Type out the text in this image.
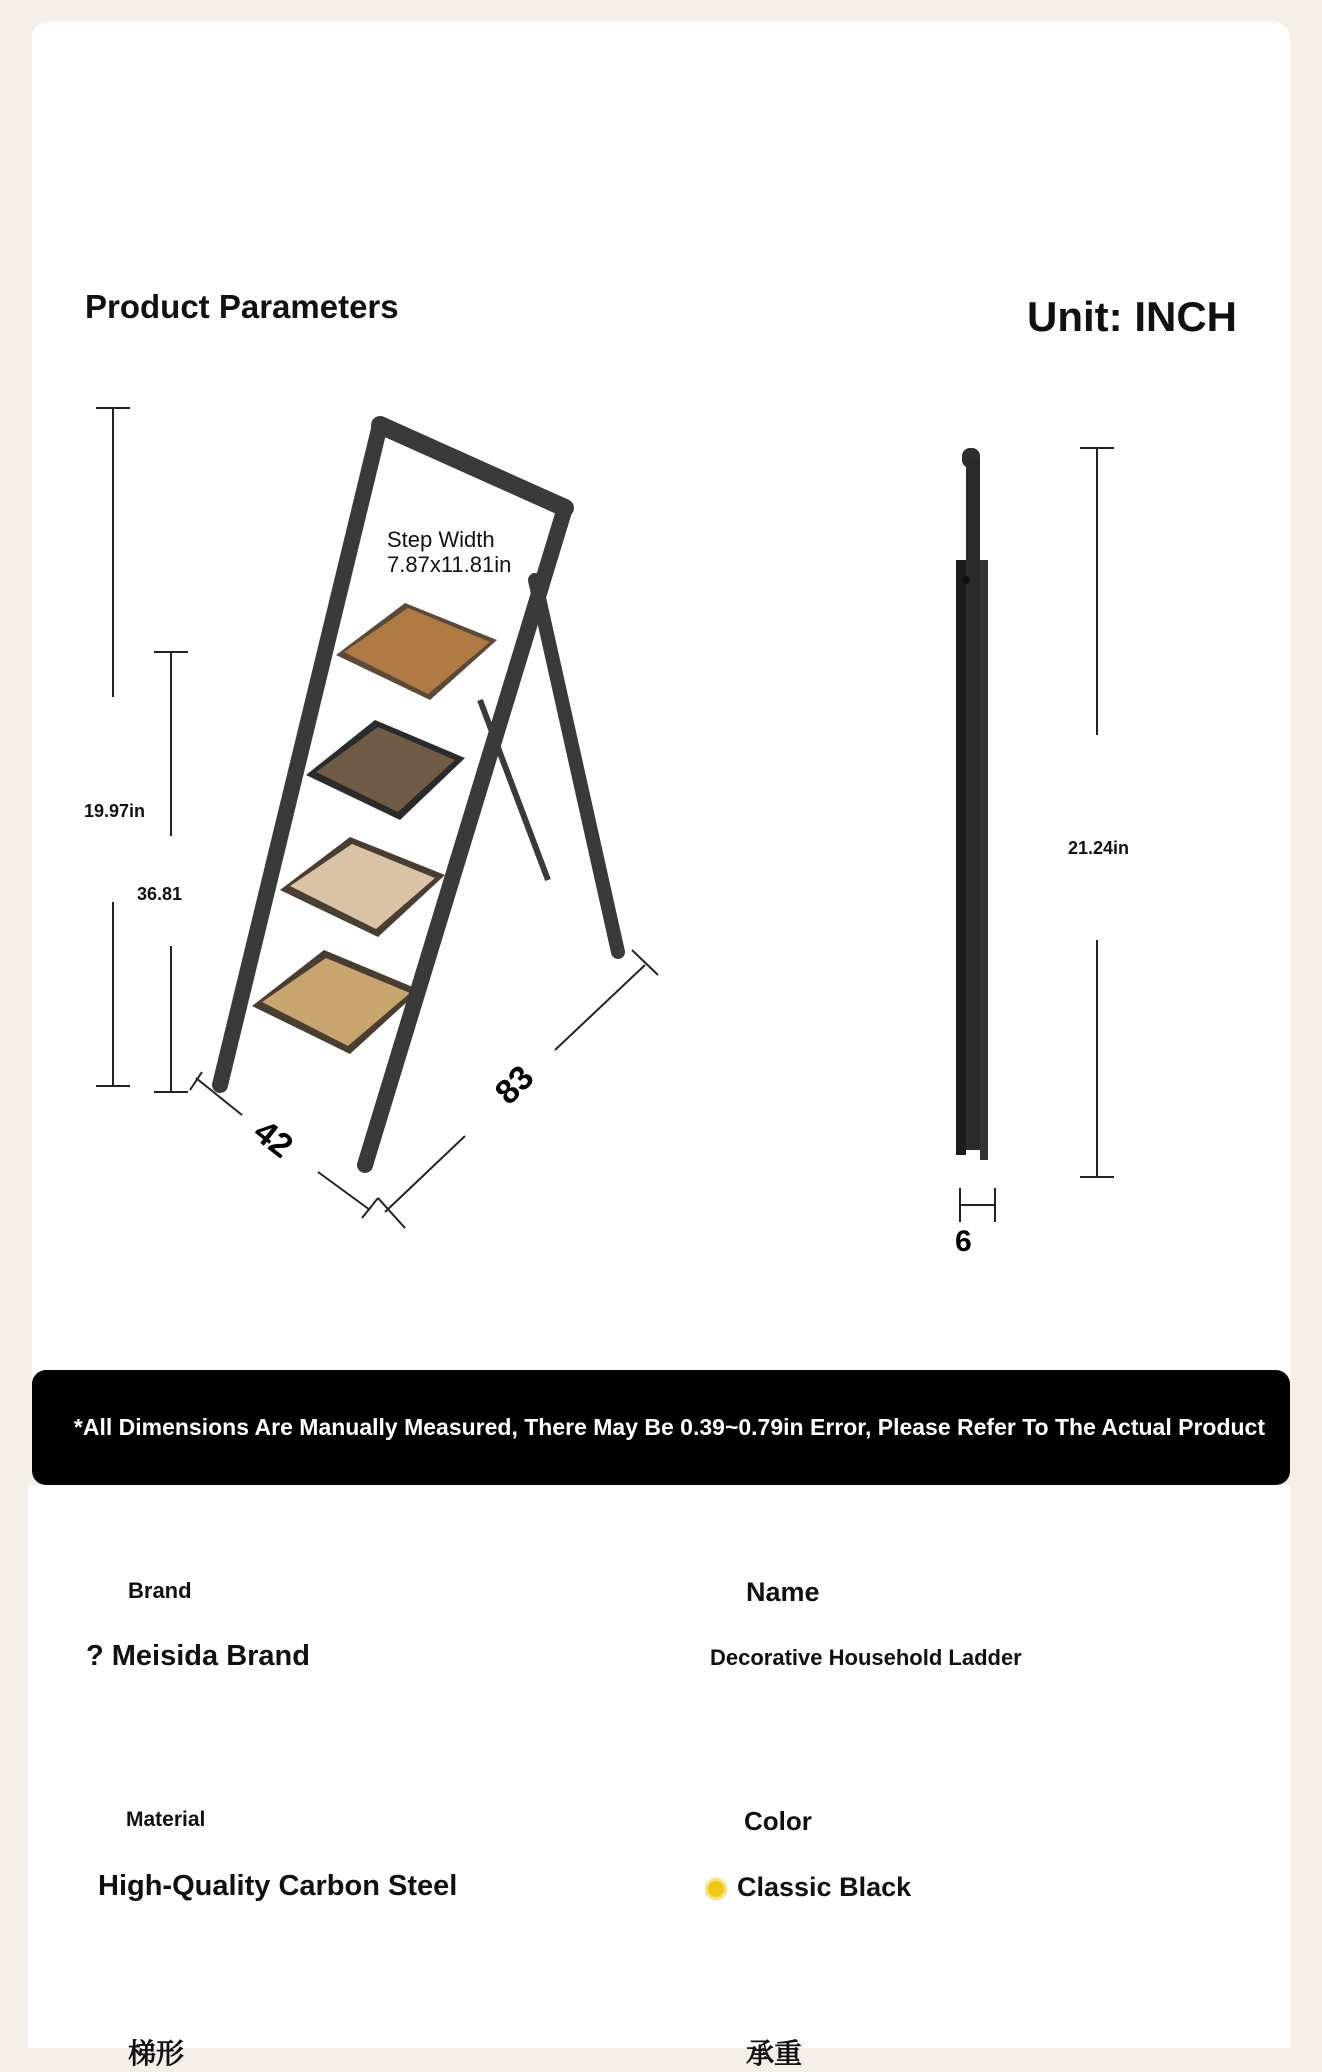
Product Parameters	Unit: INCH
Step Width
7.87x11.81in
19.97in
36.81
21.24in
42
83
6
*All Dimensions Are Manually Measured, There May Be 0.39~0.79in Error, Please Refer To The Actual Product
Brand
? Meisida Brand
Name
Decorative Household Ladder
Material
High-Quality Carbon Steel
Color
Classic Black
梯形	承重
